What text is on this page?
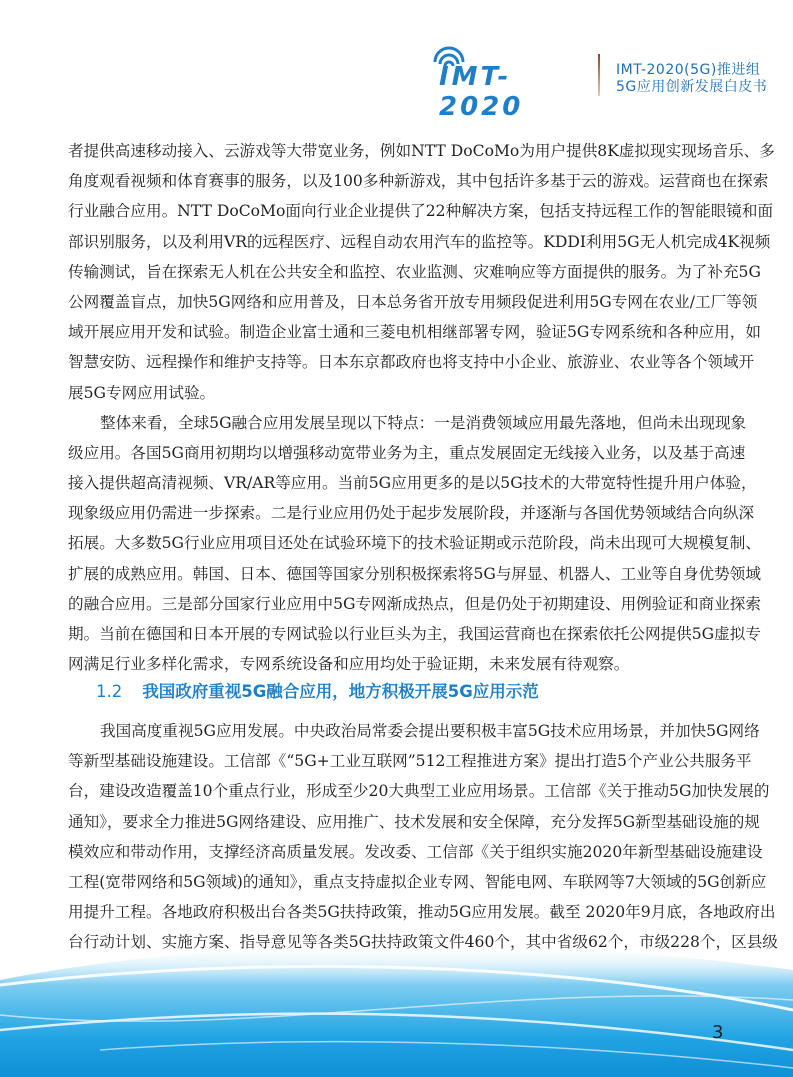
IMT-2020
IMT-2020(5G)推进组
5G应用创新发展白皮书
者提供高速移动接入、云游戏等大带宽业务，例如NTT DoCoMo为用户提供8K虚拟现实现场音乐、多
角度观看视频和体育赛事的服务，以及100多种新游戏，其中包括许多基于云的游戏。运营商也在探索
行业融合应用。NTT DoCoMo面向行业企业提供了22种解决方案，包括支持远程工作的智能眼镜和面
部识别服务，以及利用VR的远程医疗、远程自动农用汽车的监控等。KDDI利用5G无人机完成4K视频
传输测试，旨在探索无人机在公共安全和监控、农业监测、灾难响应等方面提供的服务。为了补充5G
公网覆盖盲点，加快5G网络和应用普及，日本总务省开放专用频段促进利用5G专网在农业/工厂等领
域开展应用开发和试验。制造企业富士通和三菱电机相继部署专网，验证5G专网系统和各种应用，如
智慧安防、远程操作和维护支持等。日本东京都政府也将支持中小企业、旅游业、农业等各个领域开
展5G专网应用试验。
整体来看，全球5G融合应用发展呈现以下特点：一是消费领域应用最先落地，但尚未出现现象
级应用。各国5G商用初期均以增强移动宽带业务为主，重点发展固定无线接入业务，以及基于高速
接入提供超高清视频、VR/AR等应用。当前5G应用更多的是以5G技术的大带宽特性提升用户体验，
现象级应用仍需进一步探索。二是行业应用仍处于起步发展阶段，并逐渐与各国优势领域结合向纵深
拓展。大多数5G行业应用项目还处在试验环境下的技术验证期或示范阶段，尚未出现可大规模复制、
扩展的成熟应用。韩国、日本、德国等国家分别积极探索将5G与屏显、机器人、工业等自身优势领域
的融合应用。三是部分国家行业应用中5G专网渐成热点，但是仍处于初期建设、用例验证和商业探索
期。当前在德国和日本开展的专网试验以行业巨头为主，我国运营商也在探索依托公网提供5G虚拟专
网满足行业多样化需求，专网系统设备和应用均处于验证期，未来发展有待观察。
1.2 我国政府重视5G融合应用，地方积极开展5G应用示范
我国高度重视5G应用发展。中央政治局常委会提出要积极丰富5G技术应用场景，并加快5G网络
等新型基础设施建设。工信部《“5G+工业互联网”512工程推进方案》提出打造5个产业公共服务平
台，建设改造覆盖10个重点行业，形成至少20大典型工业应用场景。工信部《关于推动5G加快发展的
通知》，要求全力推进5G网络建设、应用推广、技术发展和安全保障，充分发挥5G新型基础设施的规
模效应和带动作用，支撑经济高质量发展。发改委、工信部《关于组织实施2020年新型基础设施建设
工程(宽带网络和5G领域)的通知》，重点支持虚拟企业专网、智能电网、车联网等7大领域的5G创新应
用提升工程。各地政府积极出台各类5G扶持政策，推动5G应用发展。截至 2020年9月底，各地政府出
台行动计划、实施方案、指导意见等各类5G扶持政策文件460个，其中省级62个，市级228个，区县级
3
